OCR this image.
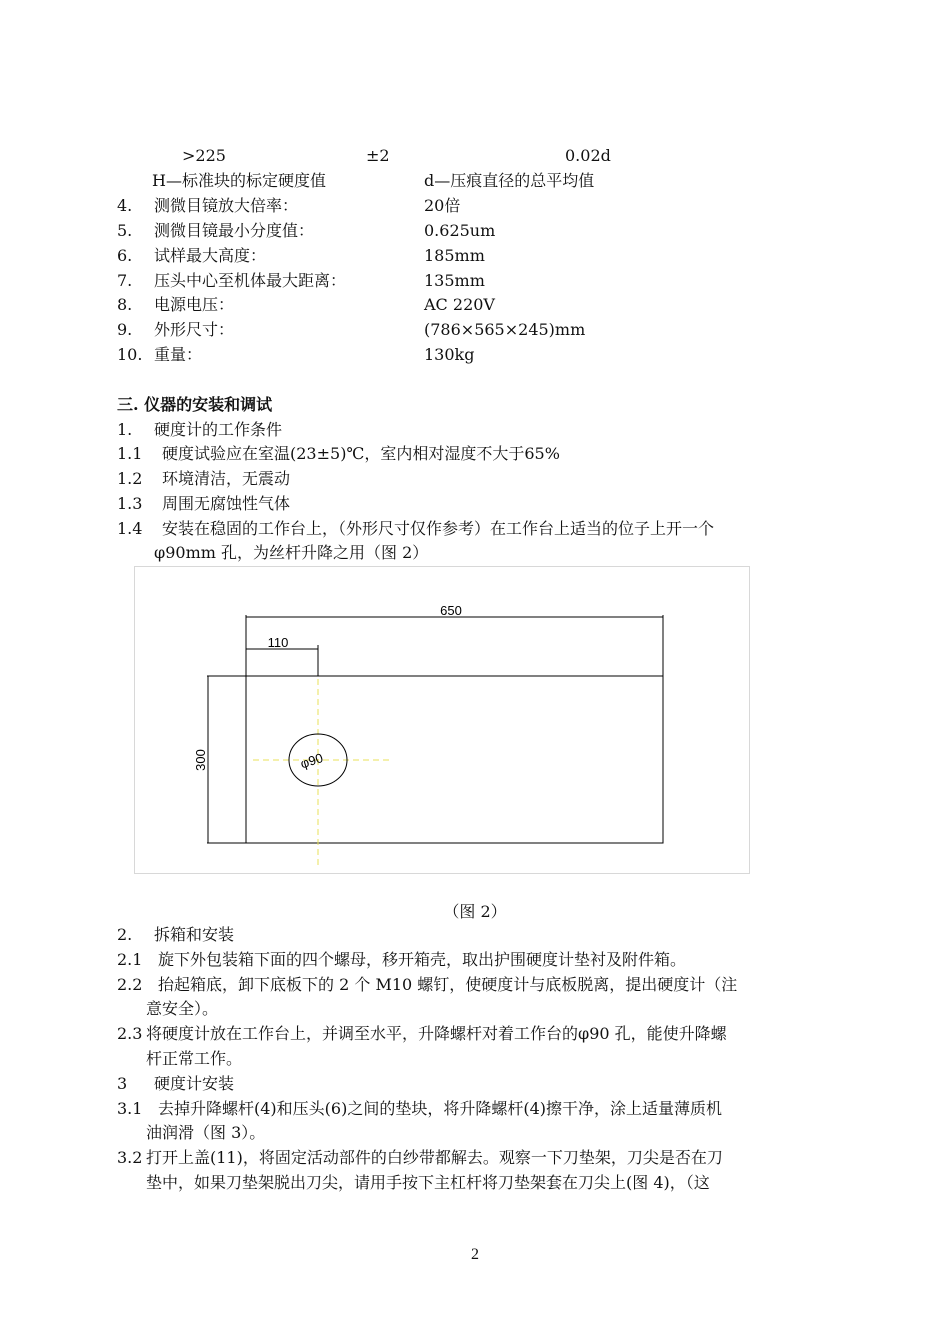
>225	±2	0.02d
H—标准块的标定硬度值	d—压痕直径的总平均值
4. 测微目镜放大倍率：	20倍
5. 测微目镜最小分度值：	0.625um
6. 试样最大高度：	185mm
7. 压头中心至机体最大距离：	135mm
8. 电源电压：	AC 220V
9. 外形尺寸：	(786×565×245)mm
10. 重量：	130kg
三. 仪器的安装和调试
1. 硬度计的工作条件
1.1 硬度试验应在室温(23±5)℃，室内相对湿度不大于65%
1.2 环境清洁，无震动
1.3 周围无腐蚀性气体
1.4 安装在稳固的工作台上，（外形尺寸仅作参考）在工作台上适当的位子上开一个
φ90mm 孔，为丝杆升降之用（图 2）
650
110
300	φ90
（图 2）
2. 拆箱和安装
2.1 旋下外包装箱下面的四个螺母，移开箱壳，取出护围硬度计垫衬及附件箱。
2.2 抬起箱底，卸下底板下的 2 个 M10 螺钉，使硬度计与底板脱离，提出硬度计（注
意安全）。
2.3 将硬度计放在工作台上，并调至水平，升降螺杆对着工作台的φ90 孔，能使升降螺
杆正常工作。
3 硬度计安装
3.1 去掉升降螺杆(4)和压头(6)之间的垫块，将升降螺杆(4)擦干净，涂上适量薄质机
油润滑（图 3）。
3.2 打开上盖(11)，将固定活动部件的白纱带都解去。观察一下刀垫架，刀尖是否在刀
垫中，如果刀垫架脱出刀尖，请用手按下主杠杆将刀垫架套在刀尖上(图 4)，（这
2
